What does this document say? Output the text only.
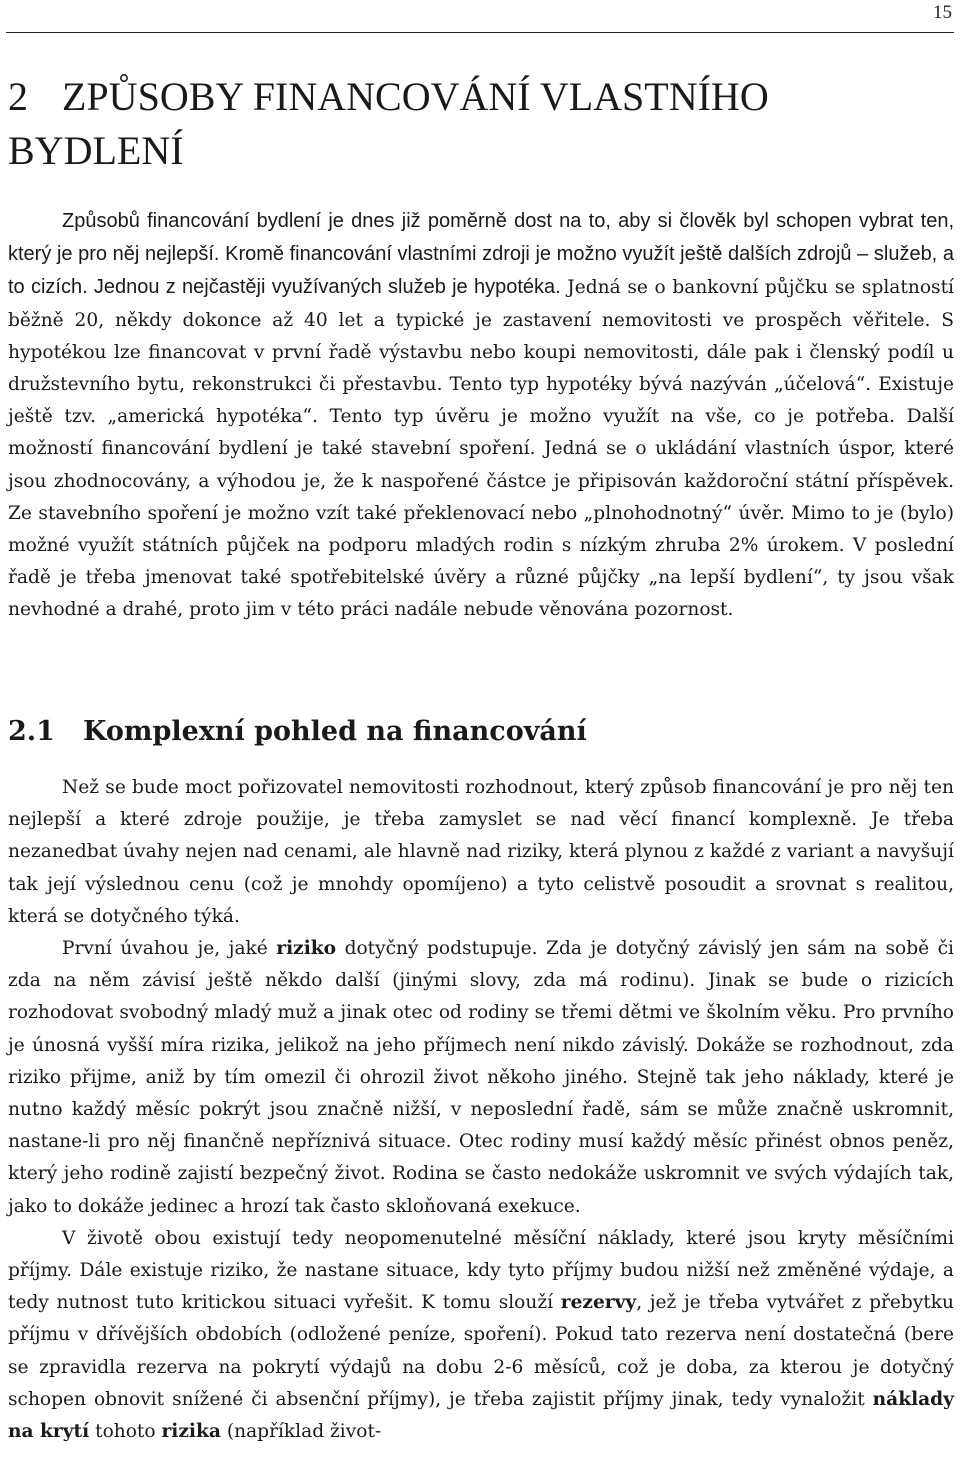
15
2 ZPŮSOBY FINANCOVÁNÍ VLASTNÍHO BYDLENÍ

Způsobů financování bydlení je dnes již poměrně dost na to, aby si člověk byl schopen vybrat ten, který je pro něj nejlepší. Kromě financování vlastními zdroji je možno využít ještě dalších zdrojů – služeb, a to cizích. Jednou z nejčastěji využívaných služeb je hypotéka. Jedná se o bankovní půjčku se splatností běžně 20, někdy dokonce až 40 let a typické je zastavení nemovitosti ve prospěch věřitele. S hypotékou lze financovat v první řadě výstavbu nebo koupi nemovitosti, dále pak i členský podíl u družstevního bytu, rekonstrukci či přestavbu. Tento typ hypotéky bývá nazýván „účelová“. Existuje ještě tzv. „americká hypotéka“. Tento typ úvěru je možno využít na vše, co je potřeba. Další možností financování bydlení je také stavební spoření. Jedná se o ukládání vlastních úspor, které jsou zhodnocovány, a výhodou je, že k naspořené částce je připisován každoroční státní příspěvek. Ze stavebního spoření je možno vzít také překlenovací nebo „plnohodnotný“ úvěr. Mimo to je (bylo) možné využít státních půjček na podporu mladých rodin s nízkým zhruba 2% úrokem. V poslední řadě je třeba jmenovat také spotřebitelské úvěry a různé půjčky „na lepší bydlení“, ty jsou však nevhodné a drahé, proto jim v této práci nadále nebude věnována pozornost.

2.1 Komplexní pohled na financování

Než se bude moct pořizovatel nemovitosti rozhodnout, který způsob financování je pro něj ten nejlepší a které zdroje použije, je třeba zamyslet se nad věcí financí komplexně. Je třeba nezanedbat úvahy nejen nad cenami, ale hlavně nad riziky, která plynou z každé z variant a navyšují tak její výslednou cenu (což je mnohdy opomíjeno) a tyto celistvě posoudit a srovnat s realitou, která se dotyčného týká.

První úvahou je, jaké riziko dotyčný podstupuje. Zda je dotyčný závislý jen sám na sobě či zda na něm závisí ještě někdo další (jinými slovy, zda má rodinu). Jinak se bude o rizicích rozhodovat svobodný mladý muž a jinak otec od rodiny se třemi dětmi ve školním věku. Pro prvního je únosná vyšší míra rizika, jelikož na jeho příjmech není nikdo závislý. Dokáže se rozhodnout, zda riziko přijme, aniž by tím omezil či ohrozil život někoho jiného. Stejně tak jeho náklady, které je nutno každý měsíc pokrýt jsou značně nižší, v neposlední řadě, sám se může značně uskromnit, nastane-li pro něj finančně nepříznivá situace. Otec rodiny musí každý měsíc přinést obnos peněz, který jeho rodině zajistí bezpečný život. Rodina se často nedokáže uskromnit ve svých výdajích tak, jako to dokáže jedinec a hrozí tak často skloňovaná exekuce.

V životě obou existují tedy neopomenutelné měsíční náklady, které jsou kryty měsíčními příjmy. Dále existuje riziko, že nastane situace, kdy tyto příjmy budou nižší než změněné výdaje, a tedy nutnost tuto kritickou situaci vyřešit. K tomu slouží rezervy, jež je třeba vytvářet z přebytku příjmu v dřívějších obdobích (odložené peníze, spoření). Pokud tato rezerva není dostatečná (bere se zpravidla rezerva na pokrytí výdajů na dobu 2-6 měsíců, což je doba, za kterou je dotyčný schopen obnovit snížené či absenční příjmy), je třeba zajistit příjmy jinak, tedy vynaložit náklady na krytí tohoto rizika (například život-
